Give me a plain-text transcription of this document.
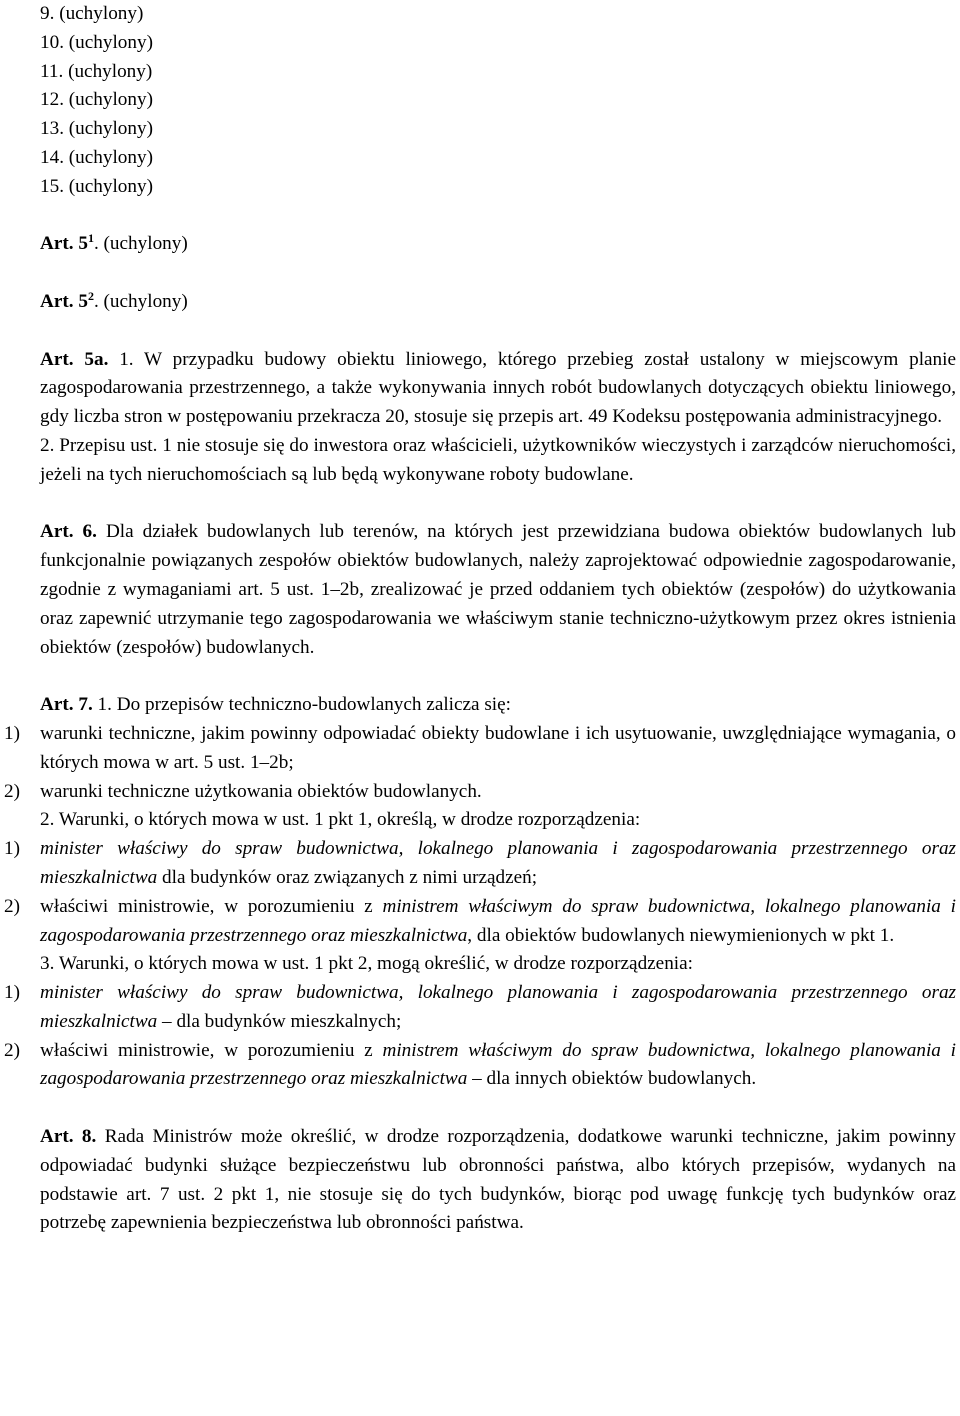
9. (uchylony)
10. (uchylony)
11. (uchylony)
12. (uchylony)
13. (uchylony)
14. (uchylony)
15. (uchylony)
Art. $5^1$. (uchylony)
Art. $5^2$. (uchylony)
Art. 5a. 1. W przypadku budowy obiektu liniowego, którego przebieg został ustalony w miejscowym planie zagospodarowania przestrzennego, a także wykonywania innych robót budowlanych dotyczących obiektu liniowego, gdy liczba stron w postępowaniu przekracza 20, stosuje się przepis art. 49 Kodeksu postępowania administracyjnego.
2. Przepisu ust. 1 nie stosuje się do inwestora oraz właścicieli, użytkowników wieczystych i zarządców nieruchomości, jeżeli na tych nieruchomościach są lub będą wykonywane roboty budowlane.
Art. 6. Dla działek budowlanych lub terenów, na których jest przewidziana budowa obiektów budowlanych lub funkcjonalnie powiązanych zespołów obiektów budowlanych, należy zaprojektować odpowiednie zagospodarowanie, zgodnie z wymaganiami art. 5 ust. 1–2b, zrealizować je przed oddaniem tych obiektów (zespołów) do użytkowania oraz zapewnić utrzymanie tego zagospodarowania we właściwym stanie techniczno-użytkowym przez okres istnienia obiektów (zespołów) budowlanych.
Art. 7. 1. Do przepisów techniczno-budowlanych zalicza się:
1) warunki techniczne, jakim powinny odpowiadać obiekty budowlane i ich usytuowanie, uwzględniające wymagania, o których mowa w art. 5 ust. 1–2b;
2) warunki techniczne użytkowania obiektów budowlanych.
2. Warunki, o których mowa w ust. 1 pkt 1, określą, w drodze rozporządzenia:
1) minister właściwy do spraw budownictwa, lokalnego planowania i zagospodarowania przestrzennego oraz mieszkalnictwa dla budynków oraz związanych z nimi urządzeń;
2) właściwi ministrowie, w porozumieniu z ministrem właściwym do spraw budownictwa, lokalnego planowania i zagospodarowania przestrzennego oraz mieszkalnictwa, dla obiektów budowlanych niewymienionych w pkt 1.
3. Warunki, o których mowa w ust. 1 pkt 2, mogą określić, w drodze rozporządzenia:
1) minister właściwy do spraw budownictwa, lokalnego planowania i zagospodarowania przestrzennego oraz mieszkalnictwa – dla budynków mieszkalnych;
2) właściwi ministrowie, w porozumieniu z ministrem właściwym do spraw budownictwa, lokalnego planowania i zagospodarowania przestrzennego oraz mieszkalnictwa – dla innych obiektów budowlanych.
Art. 8. Rada Ministrów może określić, w drodze rozporządzenia, dodatkowe warunki techniczne, jakim powinny odpowiadać budynki służące bezpieczeństwu lub obronności państwa, albo których przepisów, wydanych na podstawie art. 7 ust. 2 pkt 1, nie stosuje się do tych budynków, biorąc pod uwagę funkcję tych budynków oraz potrzebę zapewnienia bezpieczeństwa lub obronności państwa.
